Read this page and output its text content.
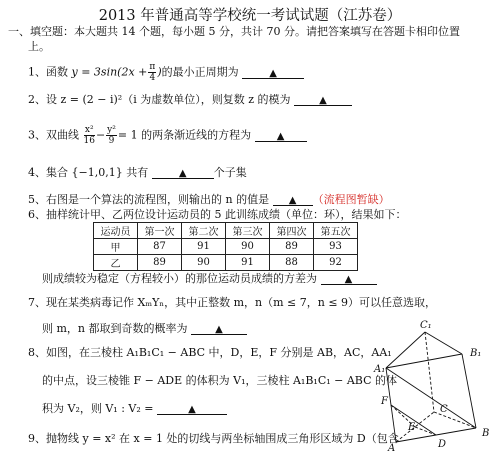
2013 年普通高等学校统一考试试题（江苏卷）
一、填空题：本大题共 14 个题，每小题 5 分，共计 70 分。请把答案填写在答题卡相印位置
上。
1、函数 $y = 3\sin(2x + \frac{\pi}{4}$ )的最小正周期为	▲
2、设 z = (2 − i)²（i 为虚数单位），则复数 z 的模为	▲
3、双曲线 $\frac{\text{x²}}{16} - \frac{\text{y²}}{9} = 1$ 的两条渐近线的方程为	▲
4、集合 {−1,0,1} 共有	▲ 个子集
5、右图是一个算法的流程图，则输出的 n 的值是 ▲ （流程图暂缺）
6、抽样统计甲、乙两位设计运动员的 5 此训练成绩（单位：环），结果如下：
运动员	第一次	第二次	第三次	第四次	第五次
甲	87	91	90	89	93
乙	89	90	91	88	92
则成绩较为稳定（方程较小）的那位运动员成绩的方差为	▲
7、现在某类病毒记作 XₘYₙ，其中正整数 m，n（m ≤ 7，n ≤ 9）可以任意选取，
则 m，n 都取到奇数的概率为	▲
8、如图，在三棱柱 A₁B₁C₁ − ABC 中，D，E，F 分别是 AB，AC，AA₁
的中点，设三棱锥 F − ADE 的体积为 V₁，三棱柱 A₁B₁C₁ − ABC 的体
积为 V₂，则 V₁ : V₂ =	▲
9、抛物线 y = x² 在 x = 1 处的切线与两坐标轴围成三角形区域为 D（包含
C₁
A₁
B₁
F
C
E
A	D
B
